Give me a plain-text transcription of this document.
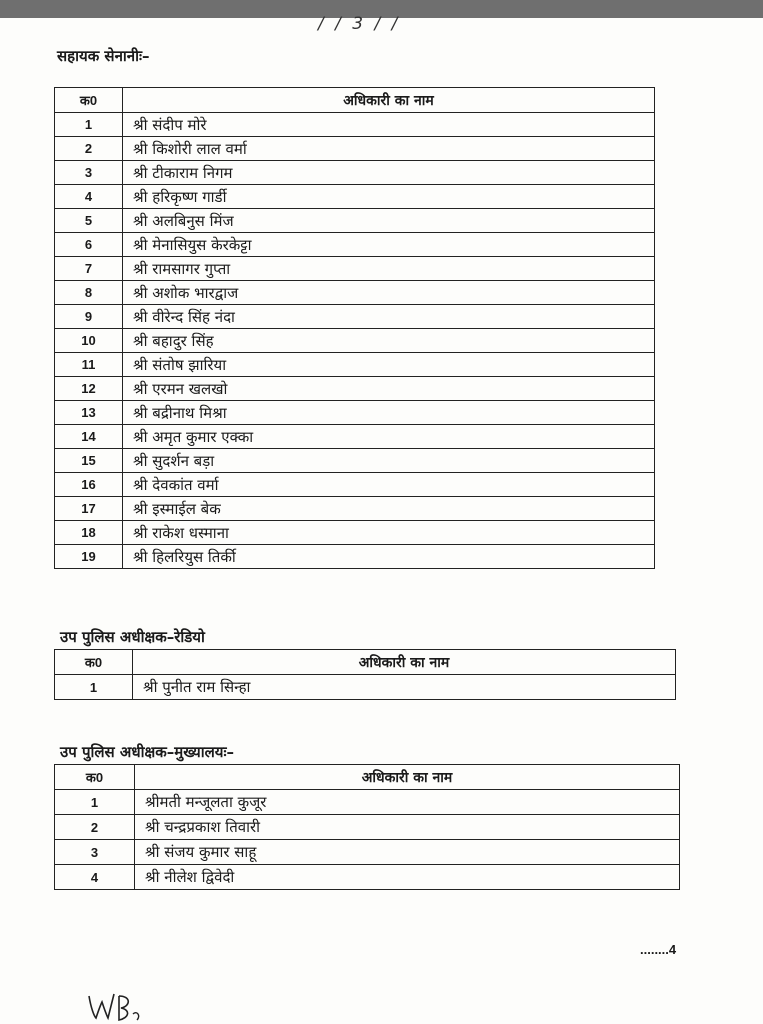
/ / 3 / /
सहायक सेनानीः–
क0	अधिकारी का नाम
1	श्री संदीप मोरे
2	श्री किशोरी लाल वर्मा
3	श्री टीकाराम निगम
4	श्री हरिकृष्ण गार्डी
5	श्री अलबिनुस मिंज
6	श्री मेनासियुस केरकेट्टा
7	श्री रामसागर गुप्ता
8	श्री अशोक भारद्वाज
9	श्री वीरेन्द सिंह नंदा
10	श्री बहादुर सिंह
11	श्री संतोष झारिया
12	श्री एरमन खलखो
13	श्री बद्रीनाथ मिश्रा
14	श्री अमृत कुमार एक्का
15	श्री सुदर्शन बड़ा
16	श्री देवकांत वर्मा
17	श्री इस्माईल बेक
18	श्री राकेश धस्माना
19	श्री हिलरियुस तिर्की
उप पुलिस अधीक्षक–रेडियो
क0	अधिकारी का नाम
1	श्री पुनीत राम सिन्हा
उप पुलिस अधीक्षक–मुख्यालयः–
क0	अधिकारी का नाम
1	श्रीमती मन्जूलता कुजूर
2	श्री चन्द्रप्रकाश तिवारी
3	श्री संजय कुमार साहू
4	श्री नीलेश द्विवेदी
........4
